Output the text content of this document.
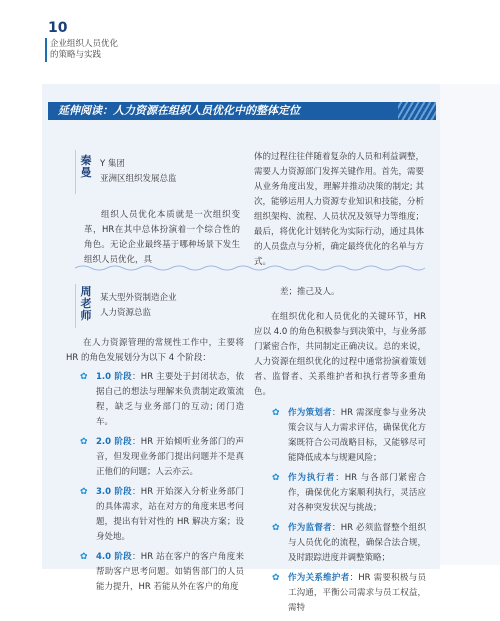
10
企业组织人员优化
的策略与实践
延伸阅读：人力资源在组织人员优化中的整体定位
秦
曼
Y 集团
亚洲区组织发展总监

组织人员优化本质就是一次组织变革，HR在其中总体扮演着一个综合性的角色。无论企业最终基于哪种场景下发生组织人员优化，具

体的过程往往伴随着复杂的人员和利益调整，需要人力资源部门发挥关键作用。首先，需要从业务角度出发，理解并推动决策的制定; 其次，能够运用人力资源专业知识和技能，分析组织架构、流程、人员状况及领导力等维度；最后，将优化计划转化为实际行动，通过具体的人员盘点与分析，确定最终优化的名单与方式。

周
老
师
某大型外资制造企业
人力资源总监

在人力资源管理的常规性工作中，主要将 HR 的角色发展划分为以下 4 个阶段：

✿ 1.0 阶段：HR 主要处于封闭状态，依据自己的想法与理解来负责制定政策流程，缺乏与业务部门的互动; 闭门造车。
✿ 2.0 阶段：HR 开始倾听业务部门的声音，但发现业务部门提出问题并不是真正他们的问题；人云亦云。
✿ 3.0 阶段：HR 开始深入分析业务部门的具体需求，站在对方的角度来思考问题，提出有针对性的 HR 解决方案；设身处地。
✿ 4.0 阶段：HR 站在客户的客户角度来帮助客户思考问题。如销售部门的人员能力提升，HR 若能从外在客户的角度

差；推己及人。

在组织优化和人员优化的关键环节，HR 应以 4.0 的角色积极参与到决策中，与业务部门紧密合作，共同制定正确决议。总的来说，人力资源在组织优化的过程中通常扮演着策划者、监督者、关系维护者和执行者等多重角色。

✿ 作为策划者：HR 需深度参与业务决策会议与人力需求评估，确保优化方案既符合公司战略目标，又能够尽可能降低成本与规避风险；
✿ 作为执行者：HR 与各部门紧密合作，确保优化方案顺利执行，灵活应对各种突发状况与挑战；
✿ 作为监督者：HR 必须监督整个组织与人员优化的流程，确保合法合规，及时跟踪进度并调整策略；
✿ 作为关系维护者：HR 需要积极与员工沟通，平衡公司需求与员工权益，需特
